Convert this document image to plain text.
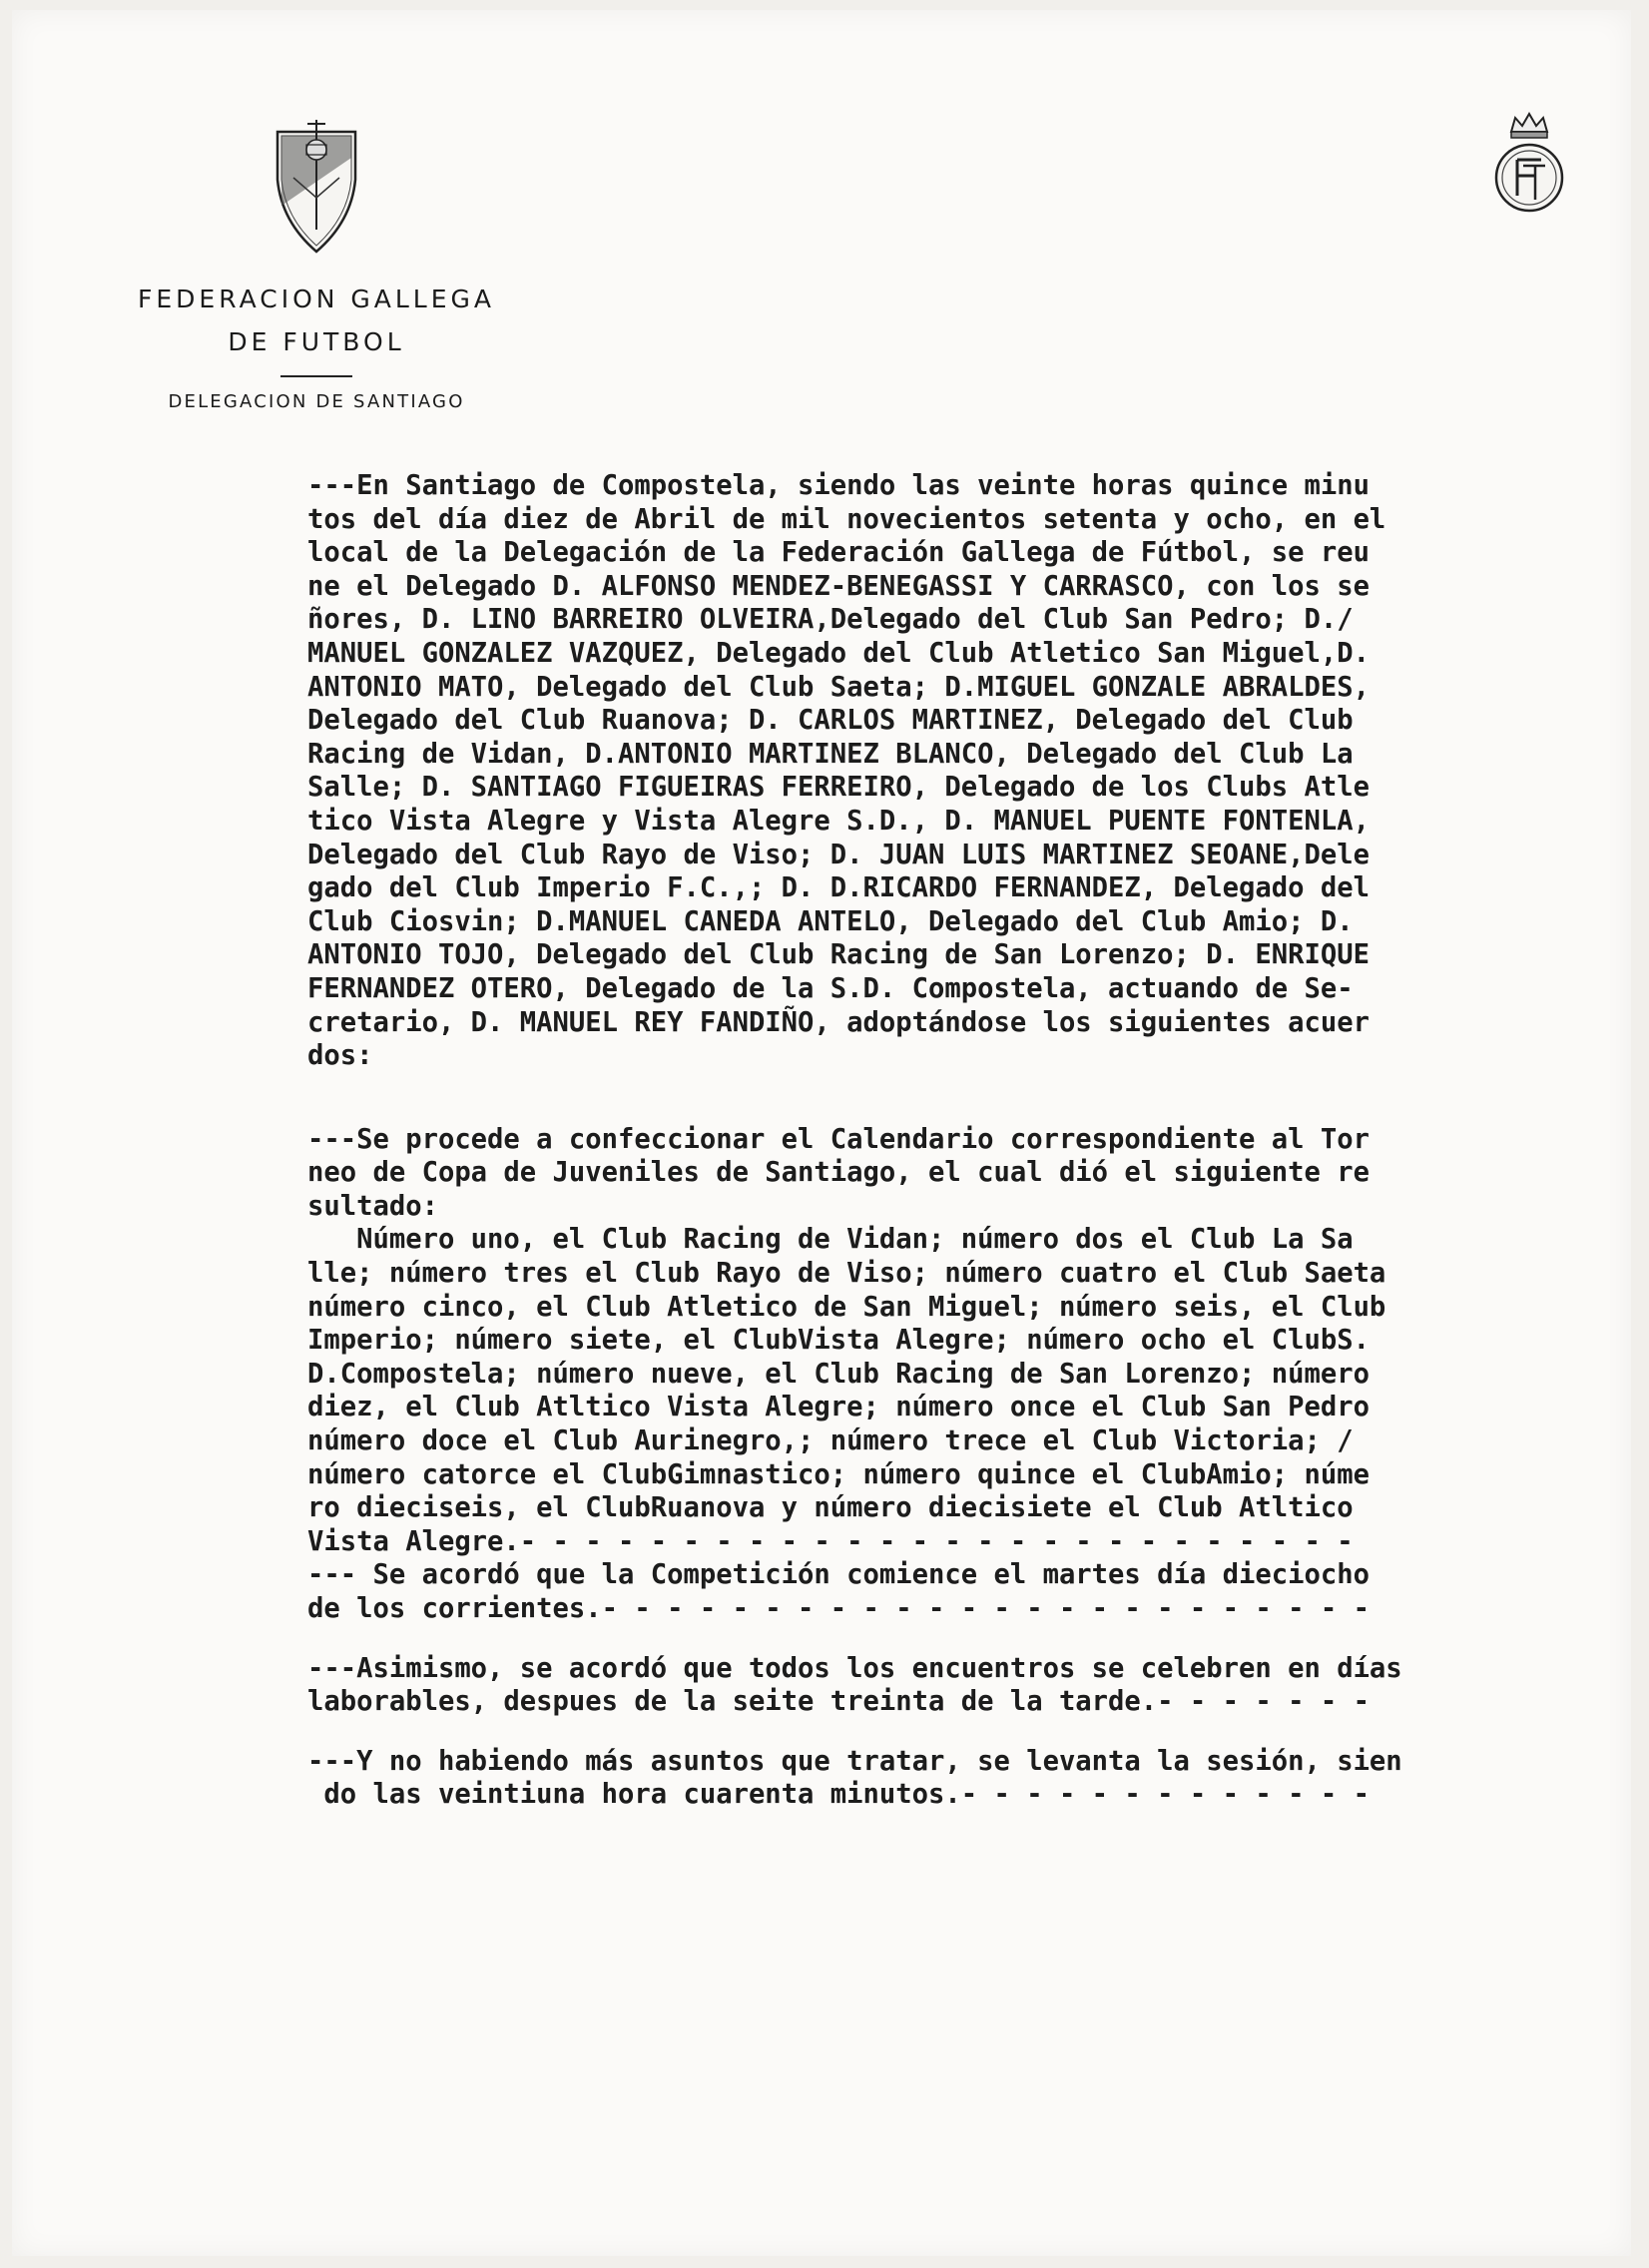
FEDERACION GALLEGA
DE FUTBOL
DELEGACION DE SANTIAGO
---En Santiago de Compostela, siendo las veinte horas quince minu
tos del día diez de Abril de mil novecientos setenta y ocho, en el
local de la Delegación de la Federación Gallega de Fútbol, se reu
ne el Delegado D. ALFONSO MENDEZ-BENEGASSI Y CARRASCO, con los se
ñores, D. LINO BARREIRO OLVEIRA,Delegado del Club San Pedro; D./
MANUEL GONZALEZ VAZQUEZ, Delegado del Club Atletico San Miguel,D.
ANTONIO MATO, Delegado del Club Saeta; D.MIGUEL GONZALE ABRALDES,
Delegado del Club Ruanova; D. CARLOS MARTINEZ, Delegado del Club
Racing de Vidan, D.ANTONIO MARTINEZ BLANCO, Delegado del Club La
Salle; D. SANTIAGO FIGUEIRAS FERREIRO, Delegado de los Clubs Atle
tico Vista Alegre y Vista Alegre S.D., D. MANUEL PUENTE FONTENLA,
Delegado del Club Rayo de Viso; D. JUAN LUIS MARTINEZ SEOANE,Dele
gado del Club Imperio F.C.,; D. D.RICARDO FERNANDEZ, Delegado del
Club Ciosvin; D.MANUEL CANEDA ANTELO, Delegado del Club Amio; D.
ANTONIO TOJO, Delegado del Club Racing de San Lorenzo; D. ENRIQUE
FERNANDEZ OTERO, Delegado de la S.D. Compostela, actuando de Se-
cretario, D. MANUEL REY FANDIÑO, adoptándose los siguientes acuer
dos:
---Se procede a confeccionar el Calendario correspondiente al Tor
neo de Copa de Juveniles de Santiago, el cual dió el siguiente re
sultado:
Número uno, el Club Racing de Vidan; número dos el Club La Sa
lle; número tres el Club Rayo de Viso; número cuatro el Club Saeta
número cinco, el Club Atletico de San Miguel; número seis, el Club
Imperio; número siete, el ClubVista Alegre; número ocho el ClubS.
D.Compostela; número nueve, el Club Racing de San Lorenzo; número
diez, el Club Atltico Vista Alegre; número once el Club San Pedro
número doce el Club Aurinegro,; número trece el Club Victoria; /
número catorce el ClubGimnastico; número quince el ClubAmio; núme
ro dieciseis, el ClubRuanova y número diecisiete el Club Atltico
Vista Alegre.- - - - - - - - - - - - - - - - - - - - - - - - - -
--- Se acordó que la Competición comience el martes día dieciocho
de los corrientes.- - - - - - - - - - - - - - - - - - - - - - - -
---Asimismo, se acordó que todos los encuentros se celebren en días
laborables, despues de la seite treinta de la tarde.- - - - - - -
---Y no habiendo más asuntos que tratar, se levanta la sesión, sien
do las veintiuna hora cuarenta minutos.- - - - - - - - - - - - -
